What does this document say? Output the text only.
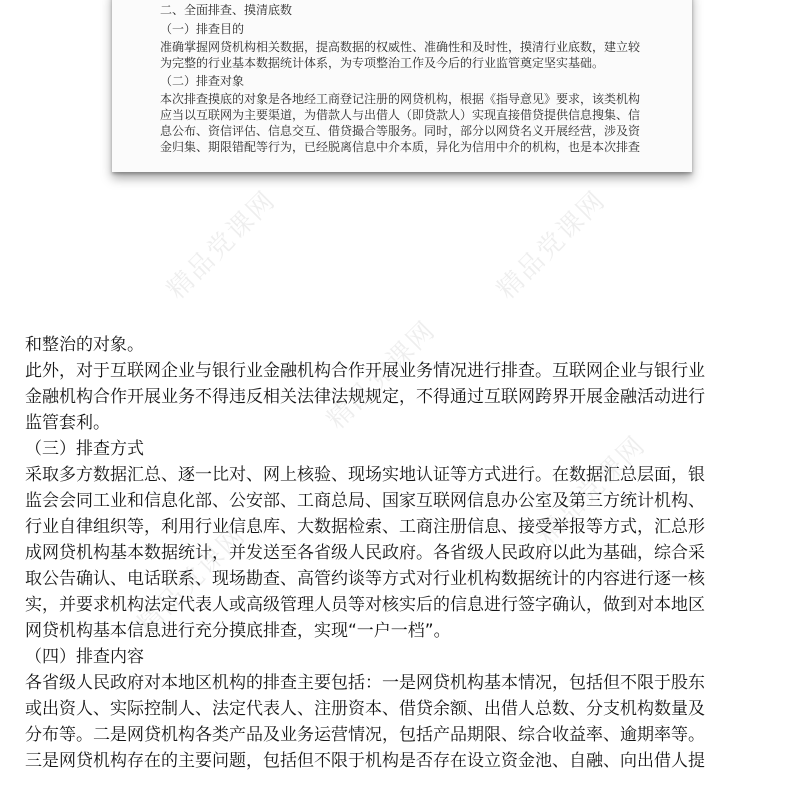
二、全面排查、摸清底数
（一）排查目的
准确掌握网贷机构相关数据，提高数据的权威性、准确性和及时性，摸清行业底数，建立较
为完整的行业基本数据统计体系，为专项整治工作及今后的行业监管奠定坚实基础。
（二）排查对象
本次排查摸底的对象是各地经工商登记注册的网贷机构，根据《指导意见》要求，该类机构
应当以互联网为主要渠道，为借款人与出借人（即贷款人）实现直接借贷提供信息搜集、信
息公布、资信评估、信息交互、借贷撮合等服务。同时，部分以网贷名义开展经营，涉及资
金归集、期限错配等行为，已经脱离信息中介本质，异化为信用中介的机构，也是本次排查
精品党课网	精品党课网
精品党课网
精品党课网
精品党课网

和整治的对象。

此外，对于互联网企业与银行业金融机构合作开展业务情况进行排查。互联网企业与银行业

金融机构合作开展业务不得违反相关法律法规规定，不得通过互联网跨界开展金融活动进行

监管套利。

（三）排查方式

采取多方数据汇总、逐一比对、网上核验、现场实地认证等方式进行。在数据汇总层面，银

监会会同工业和信息化部、公安部、工商总局、国家互联网信息办公室及第三方统计机构、

行业自律组织等，利用行业信息库、大数据检索、工商注册信息、接受举报等方式，汇总形

成网贷机构基本数据统计，并发送至各省级人民政府。各省级人民政府以此为基础，综合采

取公告确认、电话联系、现场勘查、高管约谈等方式对行业机构数据统计的内容进行逐一核

实，并要求机构法定代表人或高级管理人员等对核实后的信息进行签字确认，做到对本地区

网贷机构基本信息进行充分摸底排查，实现“一户一档”。

（四）排查内容

各省级人民政府对本地区机构的排查主要包括：一是网贷机构基本情况，包括但不限于股东

或出资人、实际控制人、法定代表人、注册资本、借贷余额、出借人总数、分支机构数量及

分布等。二是网贷机构各类产品及业务运营情况，包括产品期限、综合收益率、逾期率等。

三是网贷机构存在的主要问题，包括但不限于机构是否存在设立资金池、自融、向出借人提
